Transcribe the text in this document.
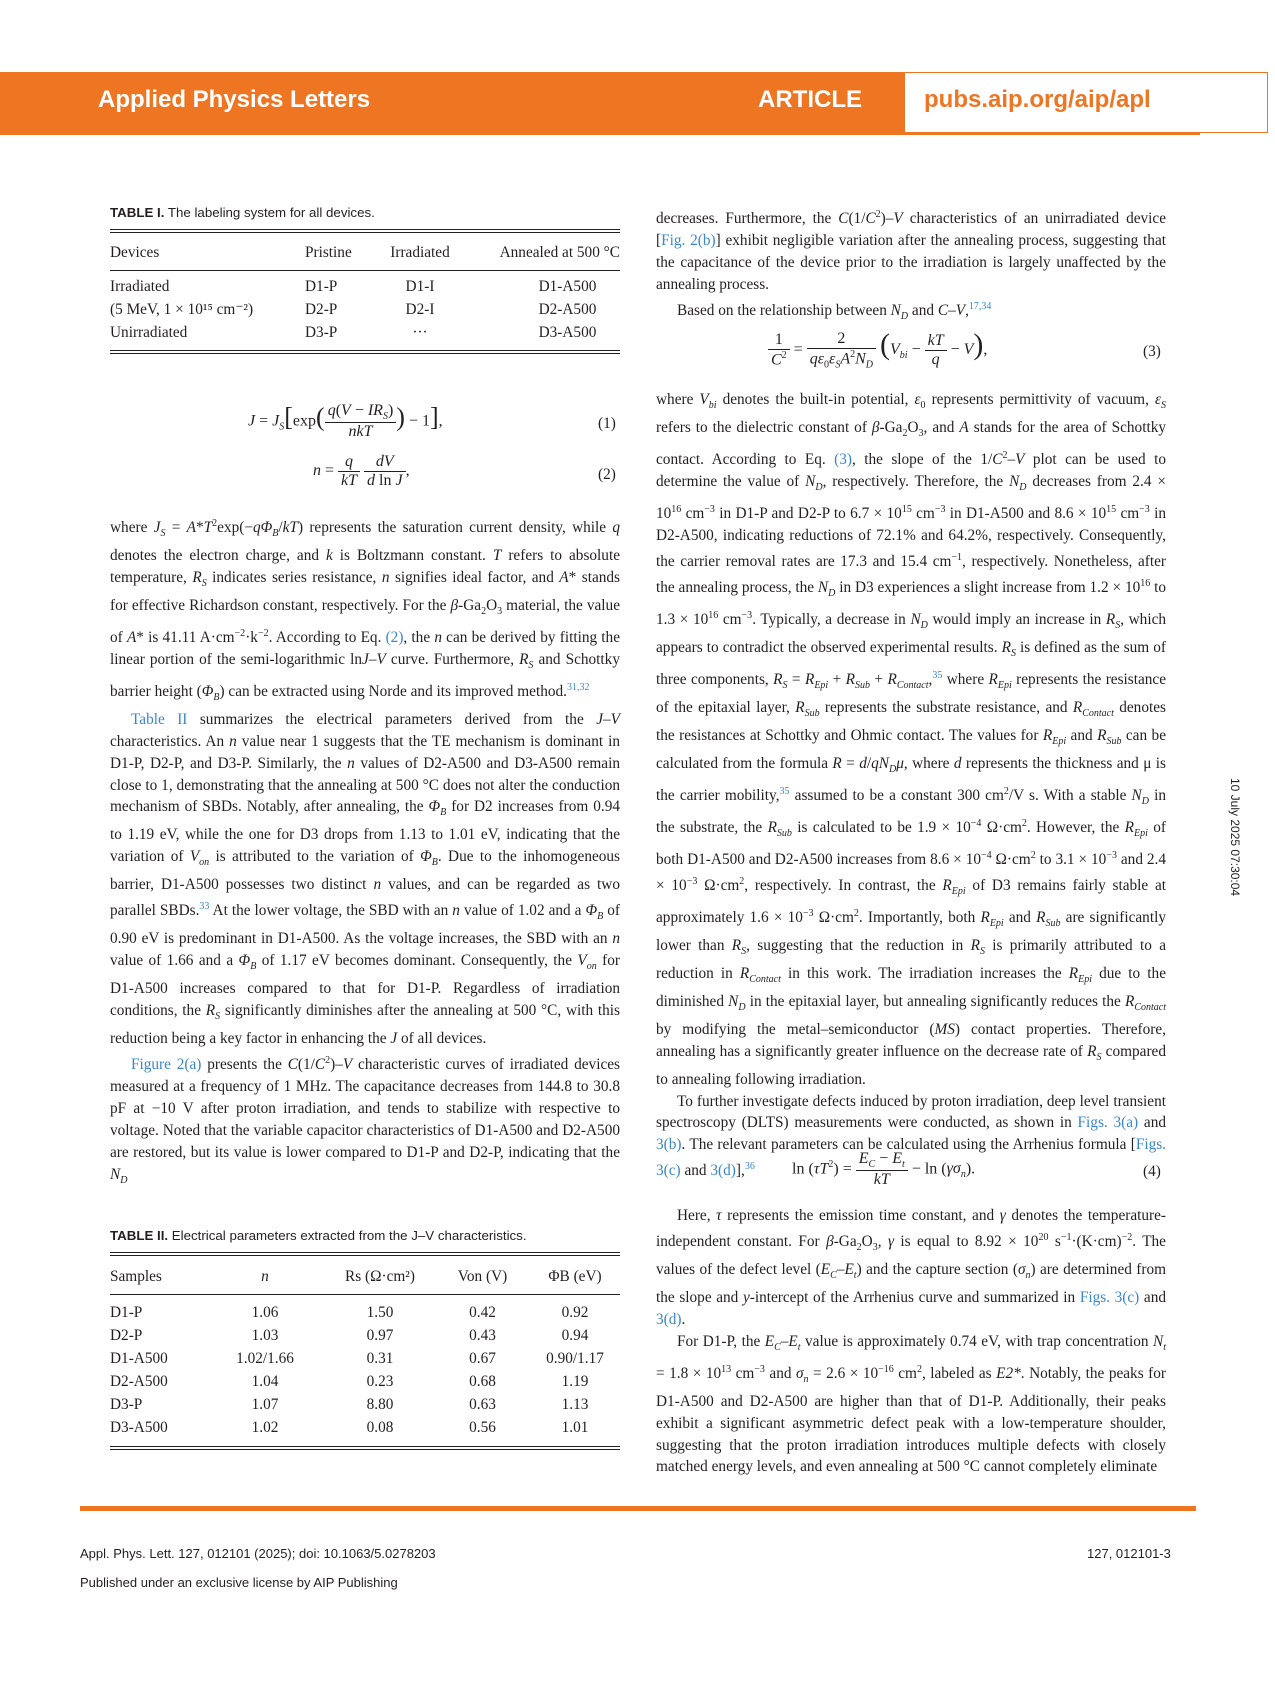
Applied Physics Letters	ARTICLE	pubs.aip.org/aip/apl
TABLE I. The labeling system for all devices.
Devices	Pristine	Irradiated	Annealed at 500 °C
Irradiated	D1-P	D1-I	D1-A500
(5 MeV, 1 × 10¹⁵ cm⁻²)	D2-P	D2-I	D2-A500
Unirradiated	D3-P	···	D3-A500
$J = J_S[\exp( \frac{q(V - IR_S)}{\text{nkT}}$ ) − 1],	(1)
$n = \frac{q}{kT}$
$\frac{dV}{\text{d ln J}}$ ,	(2)

where $J_S = A*T^2\exp(-q\Phi_B/kT)$ represents the saturation current density, while q denotes the electron charge, and k is Boltzmann constant. T refers to absolute temperature, $R_S$ indicates series resistance, n signifies ideal factor, and A* stands for effective Richardson constant, respectively. For the $\beta-Ga_2O_3$ material, the value of A* is 41.11 $A\cdot cm^{-2}\cdot k^{-2}$. According to Eq. (2), the n can be derived by fitting the linear portion of the semi-logarithmic lnJ–V curve. Furthermore, $R_S$ and Schottky barrier height $(\Phi_B)$ can be extracted using Norde and its improved method.$^{31,32}$

Table II summarizes the electrical parameters derived from the J–V characteristics. An n value near 1 suggests that the TE mechanism is dominant in D1-P, D2-P, and D3-P. Similarly, the n values of D2-A500 and D3-A500 remain close to 1, demonstrating that the annealing at 500 °C does not alter the conduction mechanism of SBDs. Notably, after annealing, the $\Phi_B$ for D2 increases from 0.94 to 1.19 eV, while the one for D3 drops from 1.13 to 1.01 eV, indicating that the variation of $V_{on}$ is attributed to the variation of $\Phi_B$. Due to the inhomogeneous barrier, D1-A500 possesses two distinct n values, and can be regarded as two parallel SBDs.$^{33}$ At the lower voltage, the SBD with an n value of 1.02 and a $\Phi_B$ of 0.90 eV is predominant in D1-A500. As the voltage increases, the SBD with an n value of 1.66 and a $\Phi_B$ of 1.17 eV becomes dominant. Consequently, the $V_{on}$ for D1-A500 increases compared to that for D1-P. Regardless of irradiation conditions, the $R_S$ significantly diminishes after the annealing at 500 °C, with this reduction being a key factor in enhancing the J of all devices.

Figure 2(a) presents the $C(1/C^2)-V$ characteristic curves of irradiated devices measured at a frequency of 1 MHz. The capacitance decreases from 144.8 to 30.8 pF at −10 V after proton irradiation, and tends to stabilize with respective to voltage. Noted that the variable capacitor characteristics of D1-A500 and D2-A500 are restored, but its value is lower compared to D1-P and D2-P, indicating that the $N_D$

TABLE II. Electrical parameters extracted from the J–V characteristics.
Samples	n	Rs (Ω·cm²)	Von (V)	ΦB (eV)
D1-P	1.06	1.50	0.42	0.92
D2-P	1.03	0.97	0.43	0.94
D1-A500	1.02/1.66	0.31	0.67	0.90/1.17
D2-A500	1.04	0.23	0.68	1.19
D3-P	1.07	8.80	0.63	1.13
D3-A500	1.02	0.08	0.56	1.01

decreases. Furthermore, the $C(1/C^2)-V$ characteristics of an unirradiated device [Fig. 2(b)] exhibit negligible variation after the annealing process, suggesting that the capacitance of the device prior to the irradiation is largely unaffected by the annealing process.

Based on the relationship between $N_D$ and C–V,$^{17,34}$

$\frac{1}{C^2} = \frac{2}{q\varepsilon_0\varepsilon_SA^2N_D} (V_{bi} - \frac{kT}{q} - V)$,	(3)

where $V_{bi}$ denotes the built-in potential, $\varepsilon_0$ represents permittivity of vacuum, $\varepsilon_S$ refers to the dielectric constant of $\beta-Ga_2O_3$, and A stands for the area of Schottky contact. According to Eq. (3), the slope of the $1/C^2-V$ plot can be used to determine the value of $N_D$, respectively. Therefore, the $N_D$ decreases from $2.4 \times 10^{16}$ $cm^{-3}$ in D1-P and D2-P to $6.7 \times 10^{15}$ $cm^{-3}$ in D1-A500 and $8.6 \times 10^{15}$ $cm^{-3}$ in D2-A500, indicating reductions of 72.1% and 64.2%, respectively. Consequently, the carrier removal rates are 17.3 and 15.4 $cm^{-1}$, respectively. Nonetheless, after the annealing process, the $N_D$ in D3 experiences a slight increase from $1.2 \times 10^{16}$ to $1.3 \times 10^{16}$ $cm^{-3}$. Typically, a decrease in $N_D$ would imply an increase in $R_S$, which appears to contradict the observed experimental results. $R_S$ is defined as the sum of three components, $R_S = R_{Epi} + R_{Sub} + R_{Contact},^{35}$ where $R_{Epi}$ represents the resistance of the epitaxial layer, $R_{Sub}$ represents the substrate resistance, and $R_{Contact}$ denotes the resistances at Schottky and Ohmic contact. The values for $R_{Epi}$ and $R_{Sub}$ can be calculated from the formula $R = d/qN_D\mu$, where d represents the thickness and μ is the carrier mobility,$^{35}$ assumed to be a constant 300 $cm^2/V$ s. With a stable $N_D$ in the substrate, the $R_{Sub}$ is calculated to be $1.9 \times 10^{-4}$ $\Omega\cdot cm^2$. However, the $R_{Epi}$ of both D1-A500 and D2-A500 increases from $8.6 \times 10^{-4}$ $\Omega\cdot cm^2$ to $3.1 \times 10^{-3}$ and $2.4 \times 10^{-3}$ $\Omega\cdot cm^2$, respectively. In contrast, the $R_{Epi}$ of D3 remains fairly stable at approximately $1.6 \times 10^{-3}$ $\Omega\cdot cm^2$. Importantly, both $R_{Epi}$ and $R_{Sub}$ are significantly lower than $R_S$, suggesting that the reduction in $R_S$ is primarily attributed to a reduction in $R_{Contact}$ in this work. The irradiation increases the $R_{Epi}$ due to the diminished $N_D$ in the epitaxial layer, but annealing significantly reduces the $R_{Contact}$ by modifying the metal–semiconductor (MS) contact properties. Therefore, annealing has a significantly greater influence on the decrease rate of $R_S$ compared to annealing following irradiation.

To further investigate defects induced by proton irradiation, deep level transient spectroscopy (DLTS) measurements were conducted, as shown in Figs. 3(a) and 3(b). The relevant parameters can be calculated using the Arrhenius formula [Figs. 3(c) and 3(d)],$^{36}$	$\ln (\tau T^2) = \frac{E_C - E_t}{kT} - \ln (\gamma\sigma_n)$.	(4)

Here, τ represents the emission time constant, and γ denotes the temperature-independent constant. For $\beta-Ga_2O_3$, γ is equal to $8.92 \times 10^{20}$ $s^{-1}\cdot(K\cdot cm)^{-2}$. The values of the defect level $(E_C-E_t)$ and the capture section $(\sigma_n)$ are determined from the slope and y-intercept of the Arrhenius curve and summarized in Figs. 3(c) and 3(d).

For D1-P, the $E_C-E_t$ value is approximately 0.74 eV, with trap concentration $N_t = 1.8 \times 10^{13}$ $cm^{-3}$ and $\sigma_n = 2.6 \times 10^{-16}$ $cm^2$, labeled as E2*. Notably, the peaks for D1-A500 and D2-A500 are higher than that of D1-P. Additionally, their peaks exhibit a significant asymmetric defect peak with a low-temperature shoulder, suggesting that the proton irradiation introduces multiple defects with closely matched energy levels, and even annealing at 500 °C cannot completely eliminate

10 July 2025 07:30:04
Appl. Phys. Lett. 127, 012101 (2025); doi: 10.1063/5.0278203
Published under an exclusive license by AIP Publishing
127, 012101-3
